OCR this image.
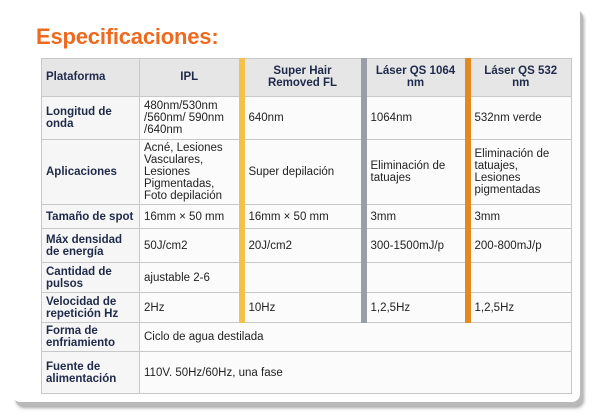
Especificaciones:
Plataforma	IPL	Super Hair Removed FL	Láser QS 1064 nm	Láser QS 532 nm
Longitud de onda	480nm/530nm /560nm/ 590nm /640nm	640nm	1064nm	532nm verde
Aplicaciones	Acné, Lesiones Vasculares, Lesiones Pigmentadas, Foto depilación	Super depilación	Eliminación de tatuajes	Eliminación de tatuajes, Lesiones pigmentadas
Tamaño de spot	16mm × 50 mm	16mm × 50 mm	3mm	3mm
Máx densidad de energía	50J/cm2	20J/cm2	300-1500mJ/p	200-800mJ/p
Cantidad de pulsos	ajustable 2-6			
Velocidad de repetición Hz	2Hz	10Hz	1,2,5Hz	1,2,5Hz
Forma de enfriamiento	Ciclo de agua destilada			
Fuente de alimentación	110V. 50Hz/60Hz, una fase			
